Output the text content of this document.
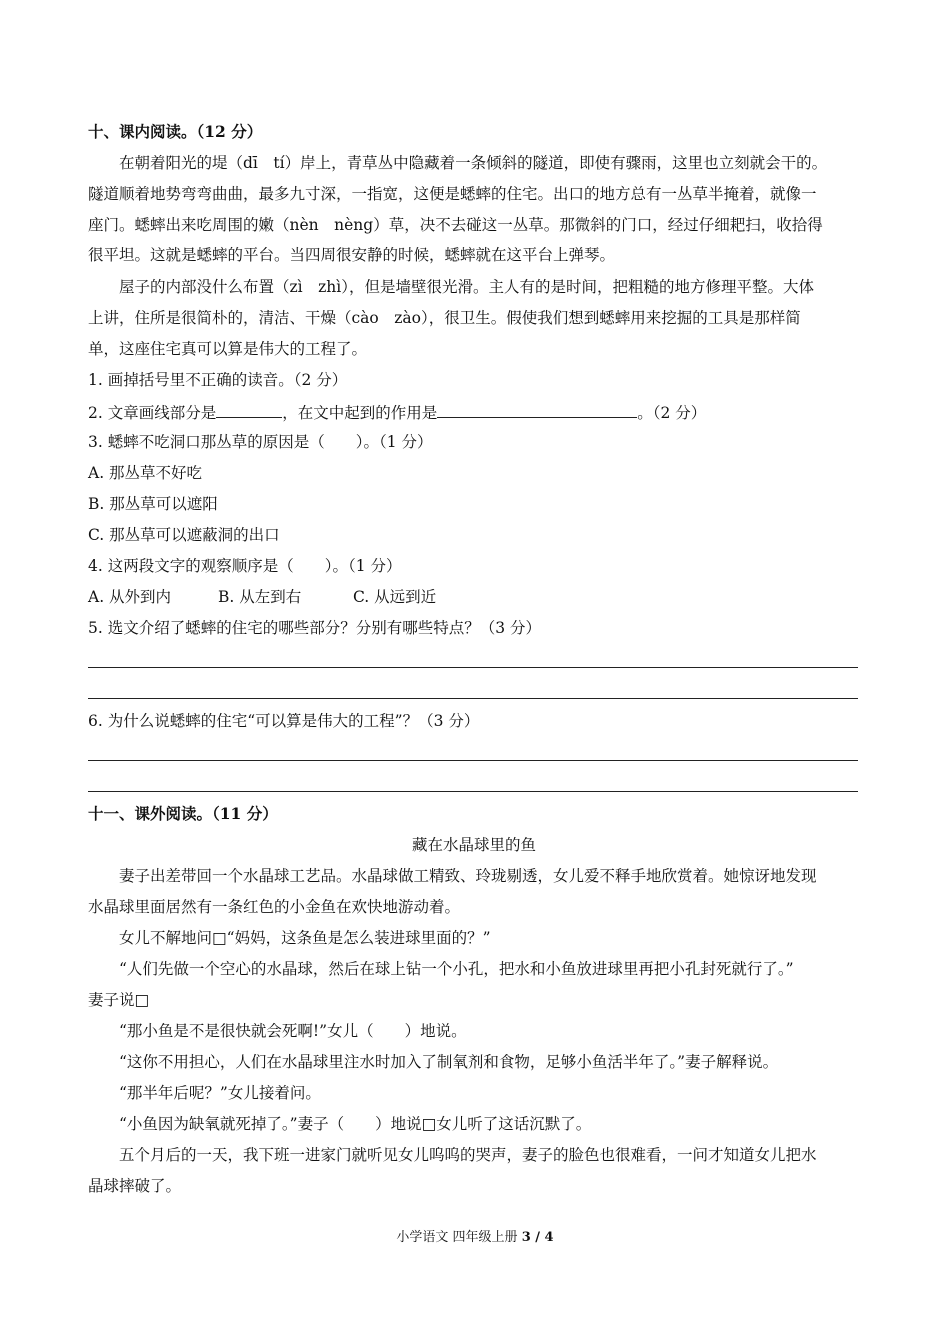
十、课内阅读。（12 分）
在朝着阳光的堤（dī　tí）岸上，青草丛中隐藏着一条倾斜的隧道，即使有骤雨，这里也立刻就会干的。
隧道顺着地势弯弯曲曲，最多九寸深，一指宽，这便是蟋蟀的住宅。出口的地方总有一丛草半掩着，就像一
座门。蟋蟀出来吃周围的嫩（nèn　nèng）草，决不去碰这一丛草。那微斜的门口，经过仔细耙扫，收拾得
很平坦。这就是蟋蟀的平台。当四周很安静的时候，蟋蟀就在这平台上弹琴。
屋子的内部没什么布置（zì　zhì），但是墙壁很光滑。主人有的是时间，把粗糙的地方修理平整。大体
上讲，住所是很简朴的，清洁、干燥（cào　zào），很卫生。假使我们想到蟋蟀用来挖掘的工具是那样简
单，这座住宅真可以算是伟大的工程了。
1. 画掉括号里不正确的读音。（2 分）
2. 文章画线部分是	，在文中起到的作用是	。（2 分）
3. 蟋蟀不吃洞口那丛草的原因是（　　）。（1 分）
A. 那丛草不好吃
B. 那丛草可以遮阳
C. 那丛草可以遮蔽洞的出口
4. 这两段文字的观察顺序是（　　）。（1 分）
A. 从外到内	B. 从左到右	C. 从远到近
5. 选文介绍了蟋蟀的住宅的哪些部分？分别有哪些特点？（3 分）
6. 为什么说蟋蟀的住宅“可以算是伟大的工程”？（3 分）
十一、课外阅读。（11 分）
藏在水晶球里的鱼
妻子出差带回一个水晶球工艺品。水晶球做工精致、玲珑剔透，女儿爱不释手地欣赏着。她惊讶地发现
水晶球里面居然有一条红色的小金鱼在欢快地游动着。
女儿不解地问□“妈妈，这条鱼是怎么装进球里面的？”
“人们先做一个空心的水晶球，然后在球上钻一个小孔，把水和小鱼放进球里再把小孔封死就行了。”
妻子说□
“那小鱼是不是很快就会死啊!”女儿（　　）地说。
“这你不用担心，人们在水晶球里注水时加入了制氧剂和食物，足够小鱼活半年了。”妻子解释说。
“那半年后呢？”女儿接着问。
“小鱼因为缺氧就死掉了。”妻子（　　）地说□女儿听了这话沉默了。
五个月后的一天，我下班一进家门就听见女儿呜呜的哭声，妻子的脸色也很难看，一问才知道女儿把水
晶球摔破了。
小学语文 四年级上册 3 / 4
